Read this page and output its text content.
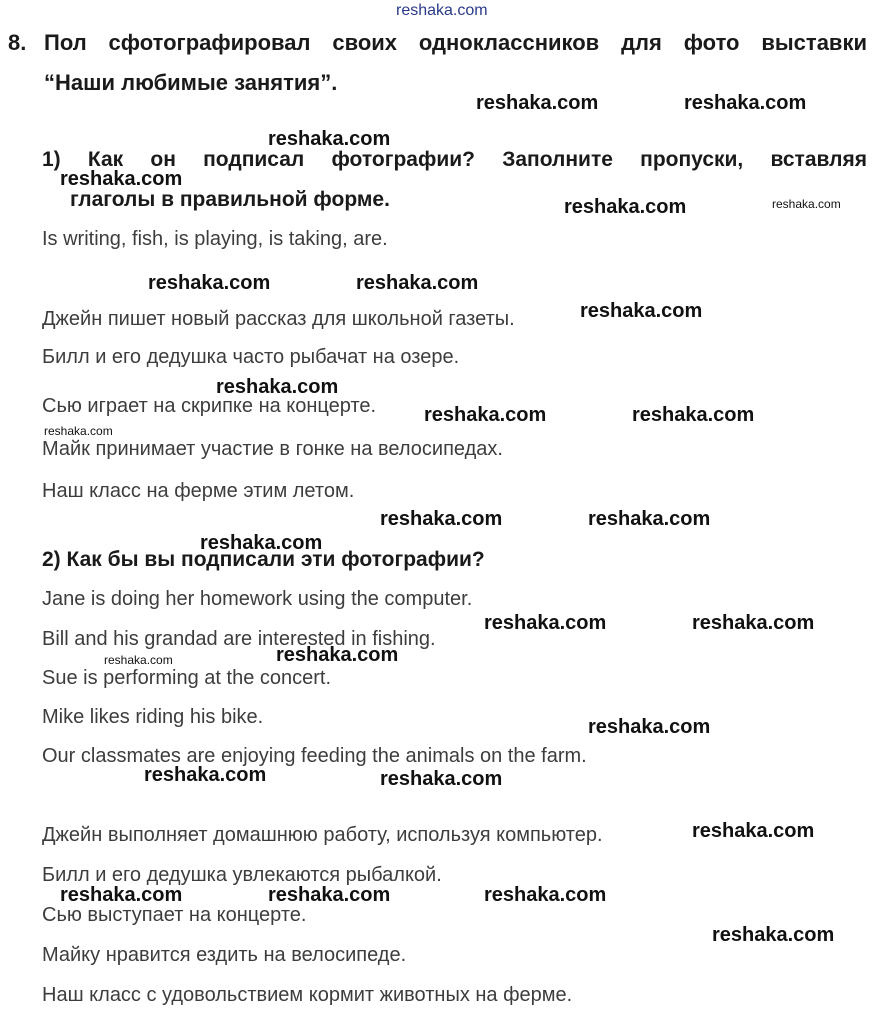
reshaka.com
8. Пол сфотографировал своих одноклассников для фото выставки
“Наши любимые занятия”.
1) Как он подписал фотографии? Заполните пропуски, вставляя
глаголы в правильной форме.
Is writing, fish, is playing, is taking, are.
Джейн пишет новый рассказ для школьной газеты.
Билл и его дедушка часто рыбачат на озере.
Сью играет на скрипке на концерте.
Майк принимает участие в гонке на велосипедах.
Наш класс на ферме этим летом.
2) Как бы вы подписали эти фотографии?
Jane is doing her homework using the computer.
Bill and his grandad are interested in fishing.
Sue is performing at the concert.
Mike likes riding his bike.
Our classmates are enjoying feeding the animals on the farm.
Джейн выполняет домашнюю работу, используя компьютер.
Билл и его дедушка увлекаются рыбалкой.
Сью выступает на концерте.
Майку нравится ездить на велосипеде.
Наш класс с удовольствием кормит животных на ферме.
reshaka.com	reshaka.com
reshaka.com
reshaka.com
reshaka.com	reshaka.com
reshaka.com	reshaka.com
reshaka.com
reshaka.com
reshaka.com	reshaka.com
reshaka.com
reshaka.com	reshaka.com
reshaka.com
reshaka.com	reshaka.com
reshaka.com
reshaka.com
reshaka.com
reshaka.com	reshaka.com
reshaka.com
reshaka.com	reshaka.com	reshaka.com
reshaka.com
